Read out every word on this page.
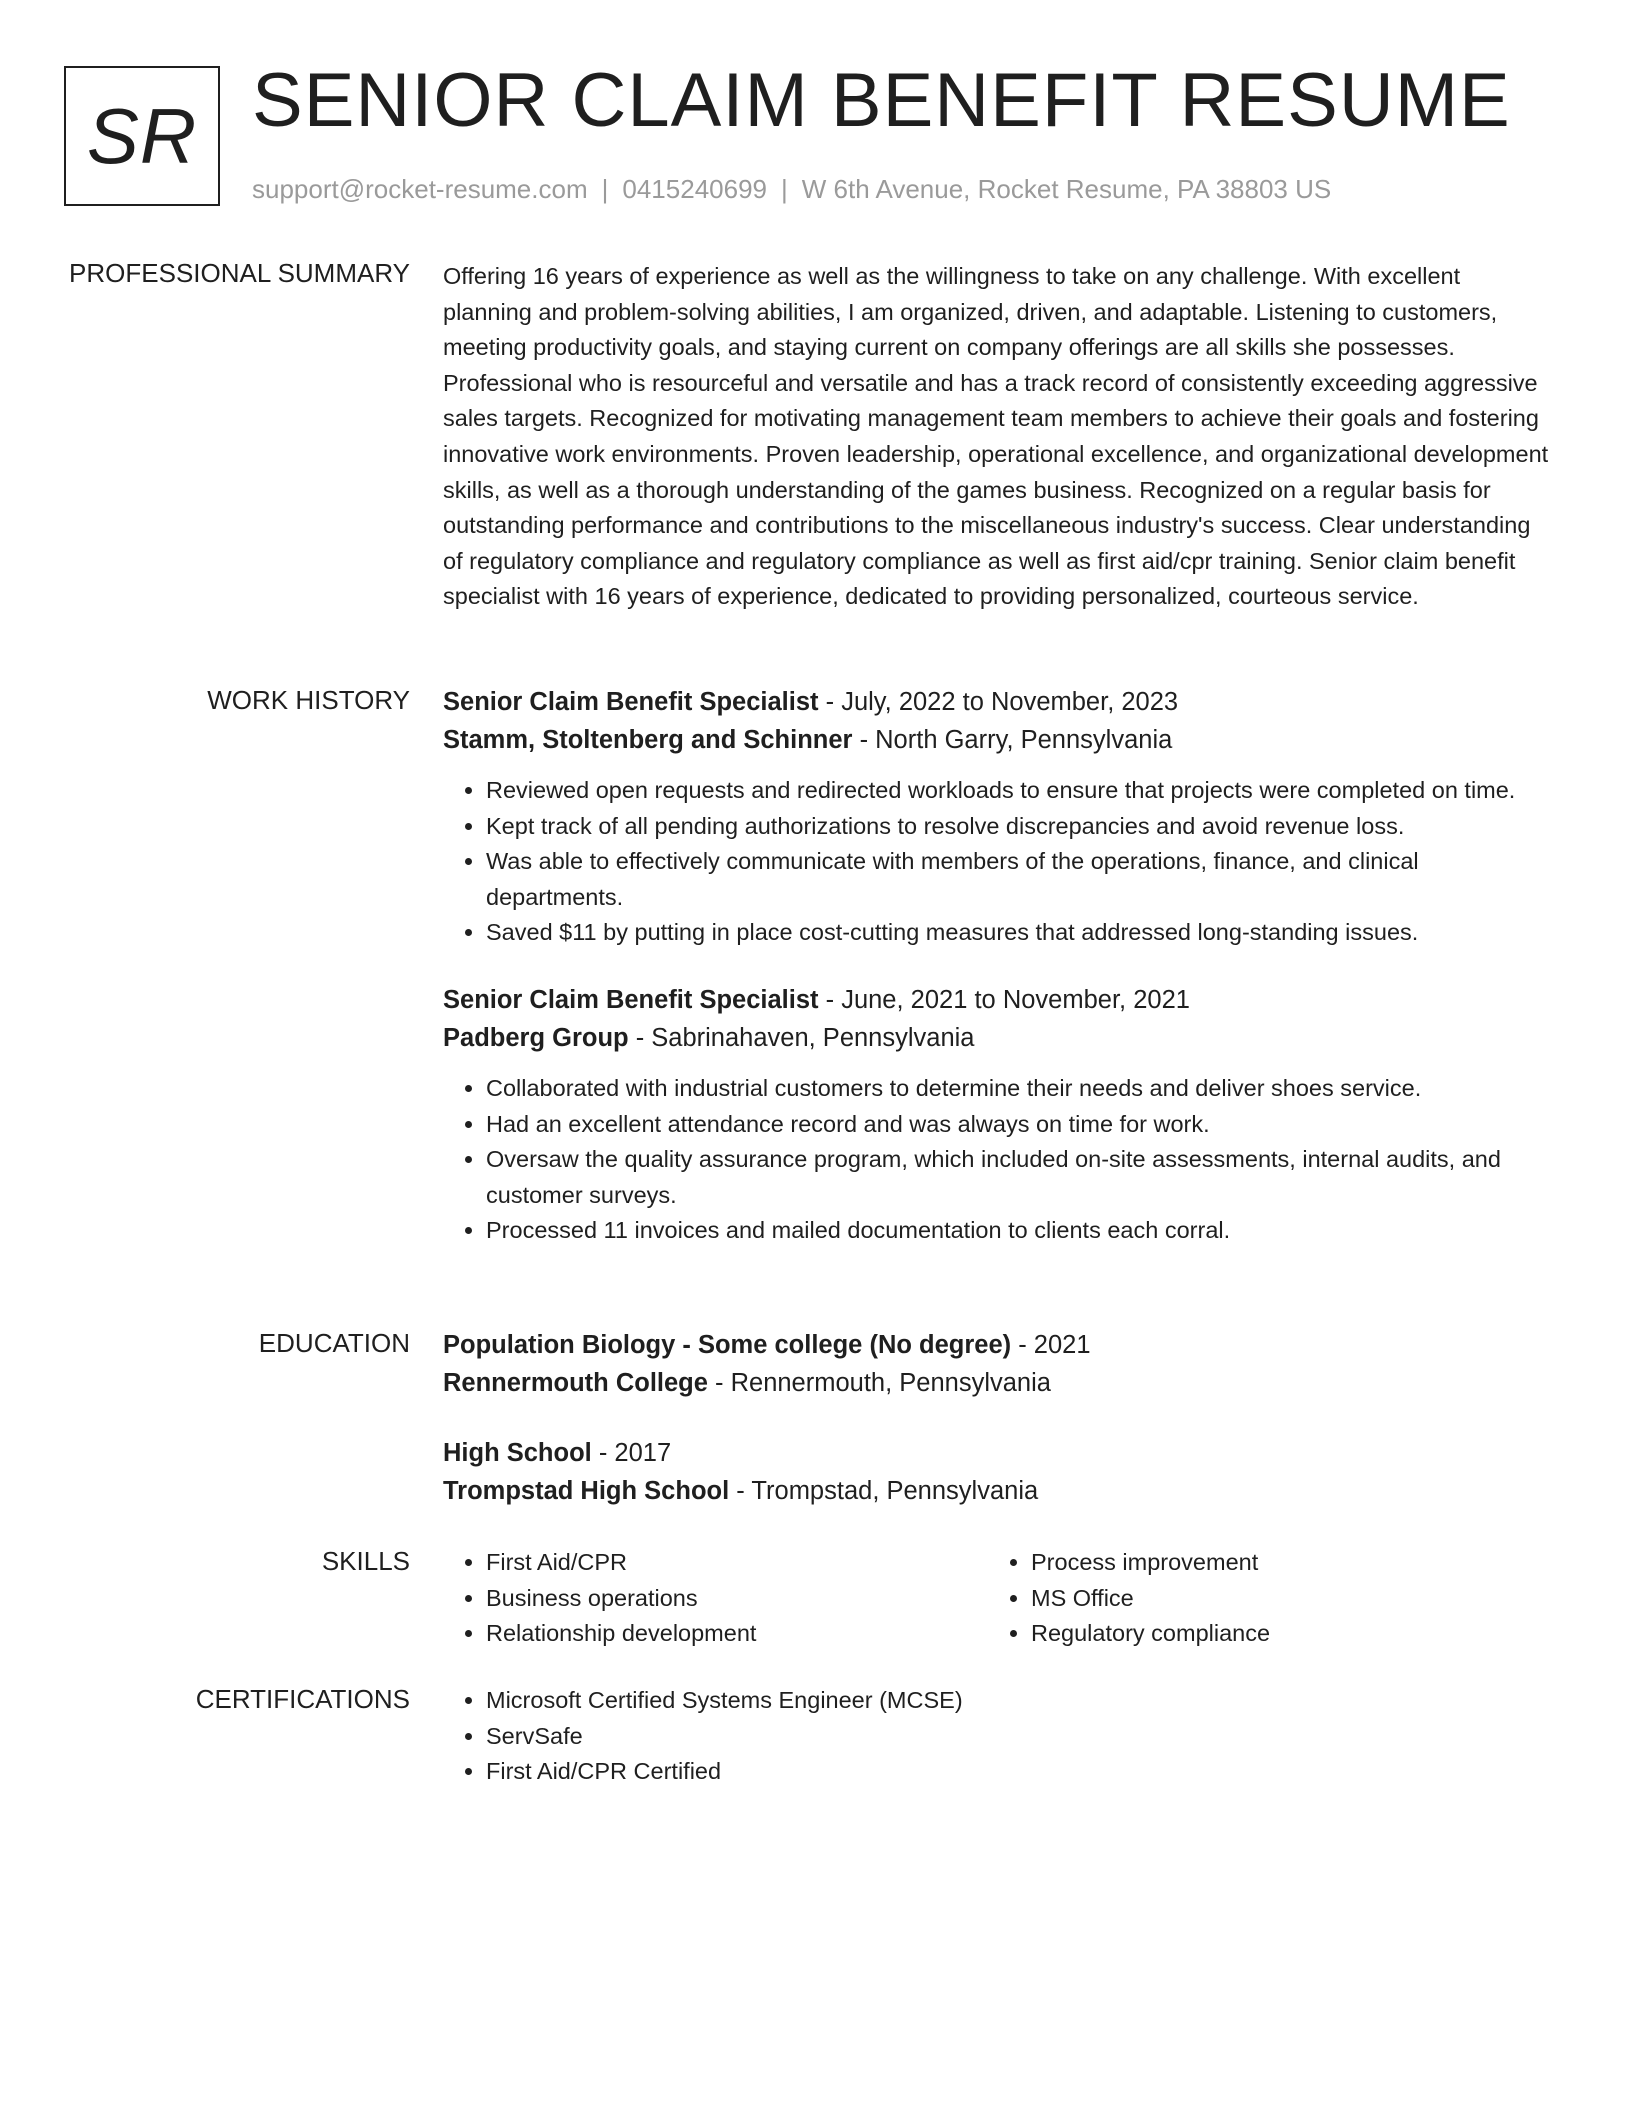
SR SENIOR CLAIM BENEFIT RESUME
support@rocket-resume.com | 0415240699 | W 6th Avenue, Rocket Resume, PA 38803 US
PROFESSIONAL SUMMARY Offering 16 years of experience as well as the willingness to take on any challenge. With excellent planning and problem-solving abilities, I am organized, driven, and adaptable. Listening to customers, meeting productivity goals, and staying current on company offerings are all skills she possesses. Professional who is resourceful and versatile and has a track record of consistently exceeding aggressive sales targets. Recognized for motivating management team members to achieve their goals and fostering innovative work environments. Proven leadership, operational excellence, and organizational development skills, as well as a thorough understanding of the games business. Recognized on a regular basis for outstanding performance and contributions to the miscellaneous industry's success. Clear understanding of regulatory compliance and regulatory compliance as well as first aid/cpr training. Senior claim benefit specialist with 16 years of experience, dedicated to providing personalized, courteous service.

WORK HISTORY Senior Claim Benefit Specialist - July, 2022 to November, 2023
Stamm, Stoltenberg and Schinner - North Garry, Pennsylvania
• Reviewed open requests and redirected workloads to ensure that projects were completed on time.
• Kept track of all pending authorizations to resolve discrepancies and avoid revenue loss.
• Was able to effectively communicate with members of the operations, finance, and clinical departments.
• Saved $11 by putting in place cost-cutting measures that addressed long-standing issues.
Senior Claim Benefit Specialist - June, 2021 to November, 2021
Padberg Group - Sabrinahaven, Pennsylvania
• Collaborated with industrial customers to determine their needs and deliver shoes service.
• Had an excellent attendance record and was always on time for work.
• Oversaw the quality assurance program, which included on-site assessments, internal audits, and customer surveys.
• Processed 11 invoices and mailed documentation to clients each corral.
EDUCATION Population Biology - Some college (No degree) - 2021
Rennermouth College - Rennermouth, Pennsylvania
High School - 2017
Trompstad High School - Trompstad, Pennsylvania
SKILLS	• First Aid/CPR
• Business operations
• Relationship development
• Process improvement
• MS Office
• Regulatory compliance
CERTIFICATIONS	• Microsoft Certified Systems Engineer (MCSE)
• ServSafe
• First Aid/CPR Certified
